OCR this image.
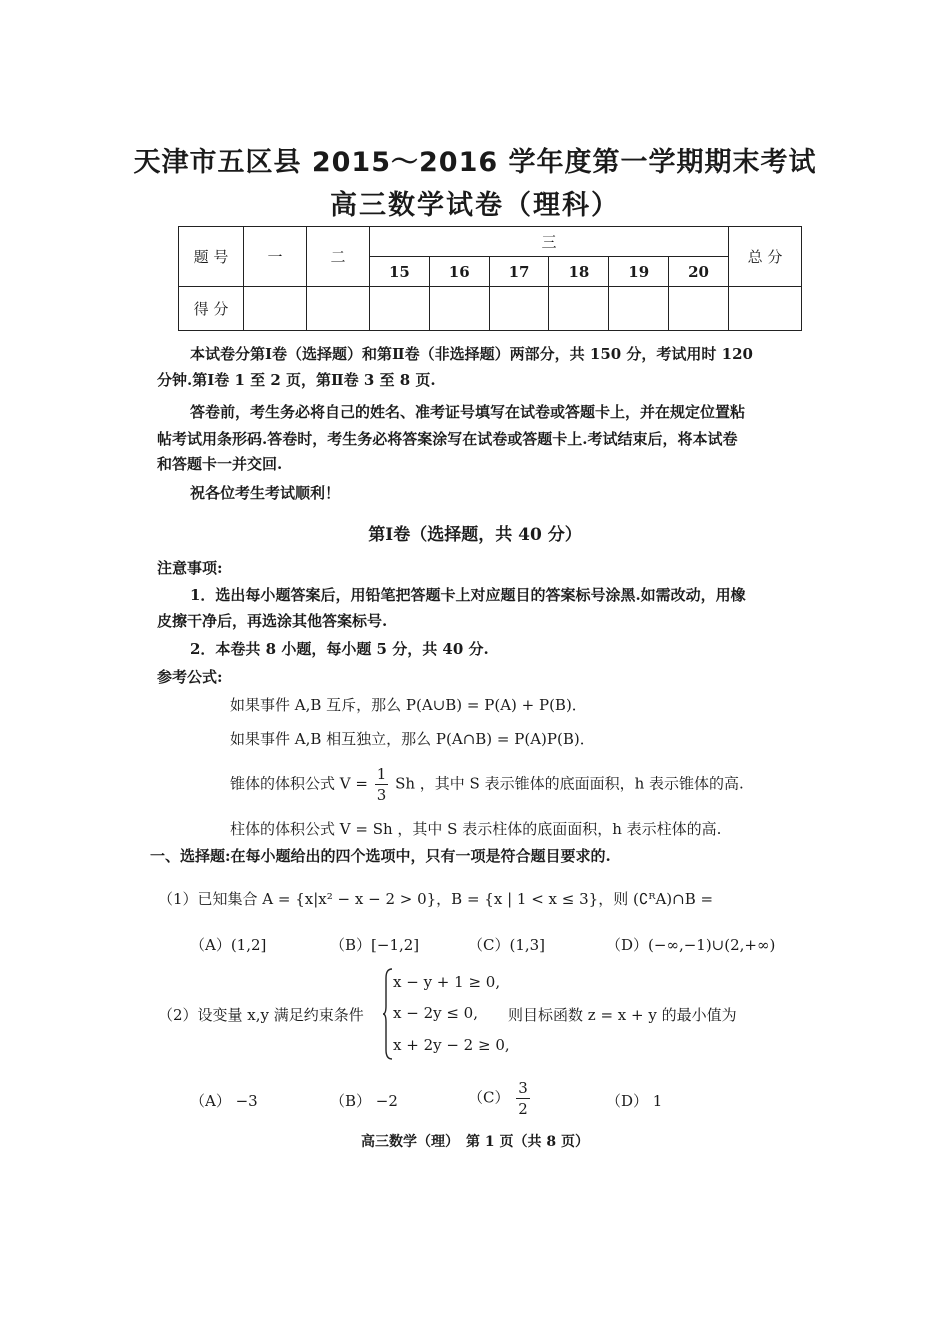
天津市五区县 2015～2016 学年度第一学期期末考试
高三数学试卷（理科）
题 号	一	二	三						总 分
			15	16	17	18	19	20	
得 分									
本试卷分第Ⅰ卷（选择题）和第Ⅱ卷（非选择题）两部分，共 150 分，考试用时 120
分钟.第Ⅰ卷 1 至 2 页，第Ⅱ卷 3 至 8 页.
答卷前，考生务必将自己的姓名、准考证号填写在试卷或答题卡上，并在规定位置粘
帖考试用条形码.答卷时，考生务必将答案涂写在试卷或答题卡上.考试结束后，将本试卷
和答题卡一并交回.
祝各位考生考试顺利！
第Ⅰ卷（选择题，共 40 分）
注意事项:
1．选出每小题答案后，用铅笔把答题卡上对应题目的答案标号涂黑.如需改动，用橡
皮擦干净后，再选涂其他答案标号.
2．本卷共 8 小题，每小题 5 分，共 40 分.
参考公式:
如果事件 A,B 互斥，那么 P(A∪B) = P(A) + P(B)．
如果事件 A,B 相互独立，那么 P(A∩B) = P(A)P(B)．
锥体的体积公式 $V = \frac{1}{3}$ Sh ，其中 S 表示锥体的底面面积，h 表示锥体的高.
柱体的体积公式 V = Sh ，其中 S 表示柱体的底面面积，h 表示柱体的高.
一、选择题:在每小题给出的四个选项中，只有一项是符合题目要求的.
（1）已知集合 A = {x|x² − x − 2 > 0}，B = {x | 1 < x ≤ 3}，则 (∁ᴿA)∩B =
（A）(1,2]	（B）[−1,2]	（C）(1,3]	（D）(−∞,−1)∪(2,+∞)
（2）设变量 x,y 满足约束条件
x − y + 1 ≥ 0,
x − 2y ≤ 0,
x + 2y − 2 ≥ 0,
则目标函数 z = x + y 的最小值为
（A） −3	（B） −2	$(C) \frac{3}{2}$	（D） 1
高三数学（理）　第 1 页（共 8 页）
